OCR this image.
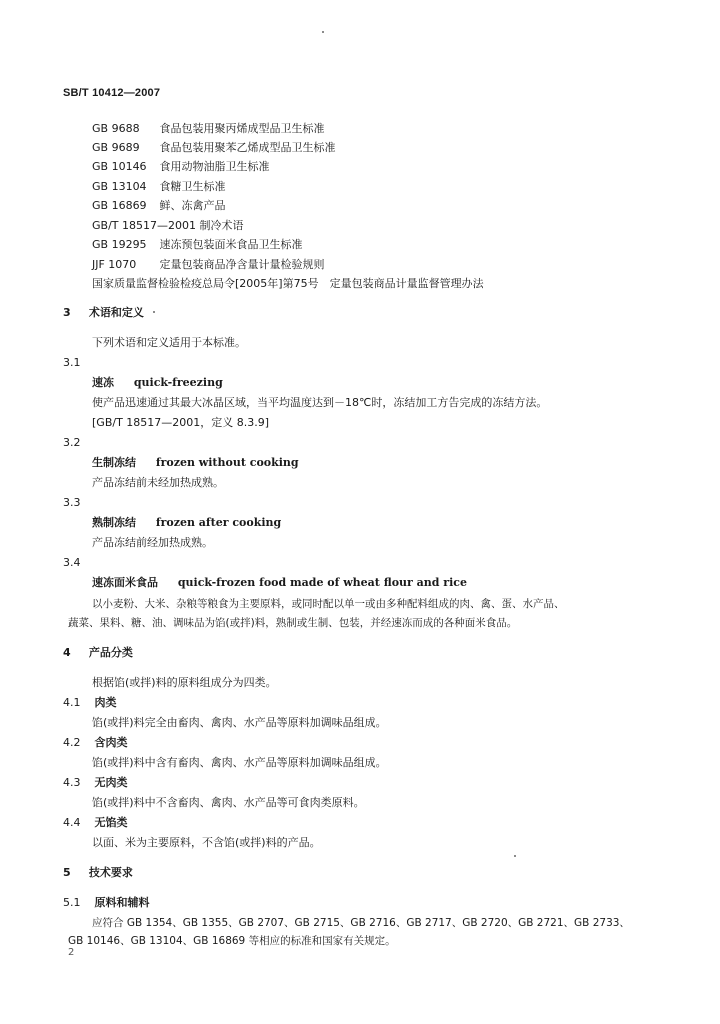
SB/T 10412—2007
GB 9688 食品包装用聚丙烯成型品卫生标准
GB 9689 食品包装用聚苯乙烯成型品卫生标准
GB 10146 食用动物油脂卫生标准
GB 13104 食糖卫生标准
GB 16869 鲜、冻禽产品
GB/T 18517—2001 制冷术语
GB 19295 速冻预包装面米食品卫生标准
JJF 1070 定量包装商品净含量计量检验规则
国家质量监督检验检疫总局令[2005年]第75号　定量包装商品计量监督管理办法
3 术语和定义
下列术语和定义适用于本标准。
3.1
速冻 quick-freezing
使产品迅速通过其最大冰晶区域，当平均温度达到－18℃时，冻结加工方告完成的冻结方法。
[GB/T 18517—2001，定义 8.3.9]
3.2
生制冻结 frozen without cooking
产品冻结前未经加热成熟。
3.3
熟制冻结 frozen after cooking
产品冻结前经加热成熟。
3.4
速冻面米食品 quick-frozen food made of wheat flour and rice
以小麦粉、大米、杂粮等粮食为主要原料，或同时配以单一或由多种配料组成的肉、禽、蛋、水产品、
蔬菜、果料、糖、油、调味品为馅(或拌)料，熟制或生制、包装，并经速冻而成的各种面米食品。
4 产品分类
根据馅(或拌)料的原料组成分为四类。
4.1 肉类
馅(或拌)料完全由畜肉、禽肉、水产品等原料加调味品组成。
4.2 含肉类
馅(或拌)料中含有畜肉、禽肉、水产品等原料加调味品组成。
4.3 无肉类
馅(或拌)料中不含畜肉、禽肉、水产品等可食肉类原料。
4.4 无馅类
以面、米为主要原料，不含馅(或拌)料的产品。
5 技术要求
5.1 原料和辅料
应符合 GB 1354、GB 1355、GB 2707、GB 2715、GB 2716、GB 2717、GB 2720、GB 2721、GB 2733、
GB 10146、GB 13104、GB 16869 等相应的标准和国家有关规定。
2
